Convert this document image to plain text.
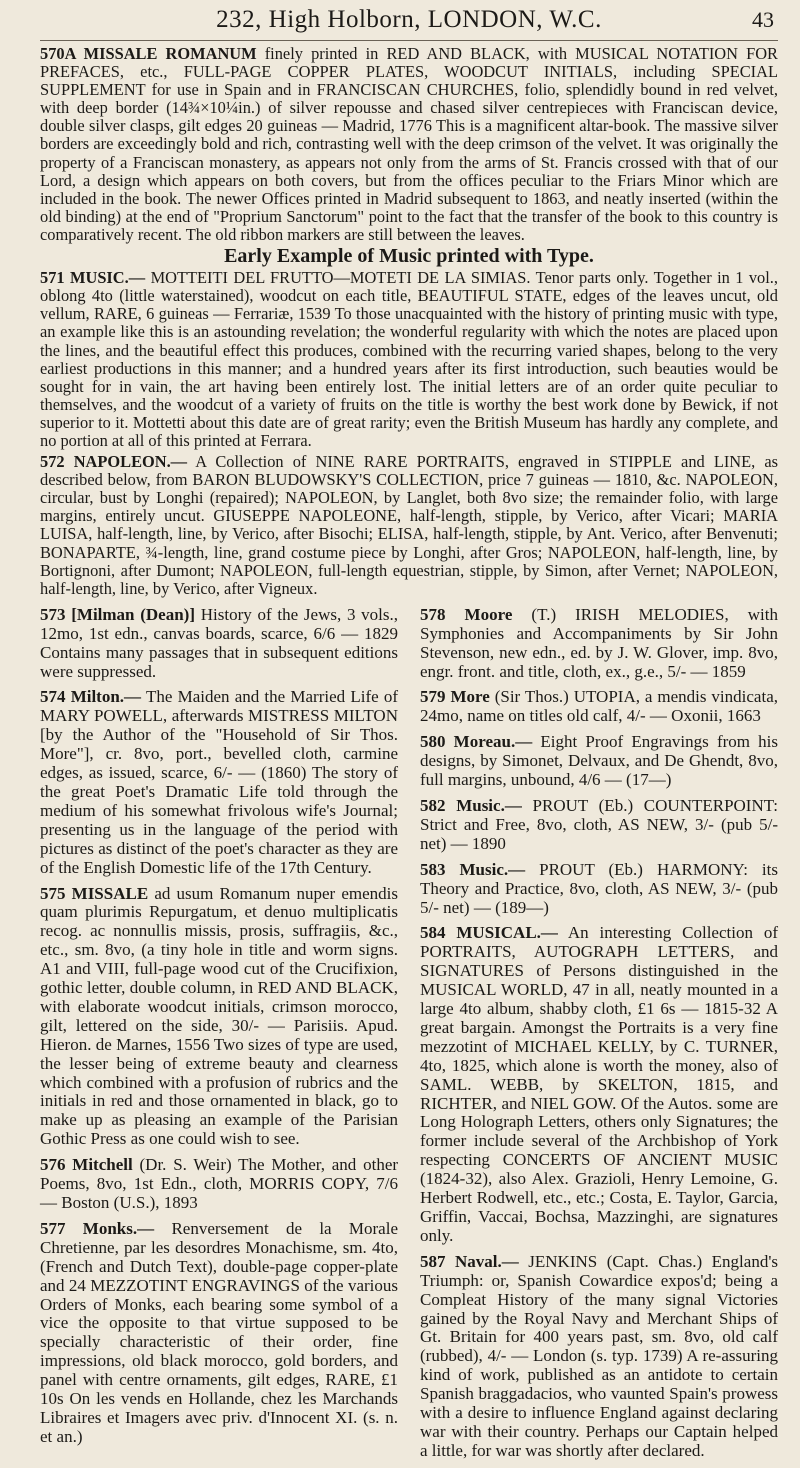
232, High Holborn, LONDON, W.C.	43

570A MISSALE ROMANUM finely printed in RED AND BLACK, with MUSICAL NOTATION FOR PREFACES, etc., FULL-PAGE COPPER PLATES, WOODCUT INITIALS, including SPECIAL SUPPLEMENT for use in Spain and in FRANCISCAN CHURCHES, folio, splendidly bound in red velvet, with deep border (14¾×10¼in.) of silver repousse and chased silver centrepieces with Franciscan device, double silver clasps, gilt edges 20 guineas — Madrid, 1776 This is a magnificent altar-book. The massive silver borders are exceedingly bold and rich, contrasting well with the deep crimson of the velvet. It was originally the property of a Franciscan monastery, as appears not only from the arms of St. Francis crossed with that of our Lord, a design which appears on both covers, but from the offices peculiar to the Friars Minor which are included in the book. The newer Offices printed in Madrid subsequent to 1863, and neatly inserted (within the old binding) at the end of "Proprium Sanctorum" point to the fact that the transfer of the book to this country is comparatively recent. The old ribbon markers are still between the leaves.

Early Example of Music printed with Type.

571 MUSIC.— MOTTEITI DEL FRUTTO—MOTETI DE LA SIMIAS. Tenor parts only. Together in 1 vol., oblong 4to (little waterstained), woodcut on each title, BEAUTIFUL STATE, edges of the leaves uncut, old vellum, RARE, 6 guineas — Ferrariæ, 1539 To those unacquainted with the history of printing music with type, an example like this is an astounding revelation; the wonderful regularity with which the notes are placed upon the lines, and the beautiful effect this produces, combined with the recurring varied shapes, belong to the very earliest productions in this manner; and a hundred years after its first introduction, such beauties would be sought for in vain, the art having been entirely lost. The initial letters are of an order quite peculiar to themselves, and the woodcut of a variety of fruits on the title is worthy the best work done by Bewick, if not superior to it. Mottetti about this date are of great rarity; even the British Museum has hardly any complete, and no portion at all of this printed at Ferrara.

572 NAPOLEON.— A Collection of NINE RARE PORTRAITS, engraved in STIPPLE and LINE, as described below, from BARON BLUDOWSKY'S COLLECTION, price 7 guineas — 1810, &c. NAPOLEON, circular, bust by Longhi (repaired); NAPOLEON, by Langlet, both 8vo size; the remainder folio, with large margins, entirely uncut. GIUSEPPE NAPOLEONE, half-length, stipple, by Verico, after Vicari; MARIA LUISA, half-length, line, by Verico, after Bisochi; ELISA, half-length, stipple, by Ant. Verico, after Benvenuti; BONAPARTE, ¾-length, line, grand costume piece by Longhi, after Gros; NAPOLEON, half-length, line, by Bortignoni, after Dumont; NAPOLEON, full-length equestrian, stipple, by Simon, after Vernet; NAPOLEON, half-length, line, by Verico, after Vigneux.

573 [Milman (Dean)] History of the Jews, 3 vols., 12mo, 1st edn., canvas boards, scarce, 6/6 — 1829 Contains many passages that in subsequent editions were suppressed.

574 Milton.— The Maiden and the Married Life of MARY POWELL, afterwards MISTRESS MILTON [by the Author of the "Household of Sir Thos. More"], cr. 8vo, port., bevelled cloth, carmine edges, as issued, scarce, 6/- — (1860) The story of the great Poet's Dramatic Life told through the medium of his somewhat frivolous wife's Journal; presenting us in the language of the period with pictures as distinct of the poet's character as they are of the English Domestic life of the 17th Century.

575 MISSALE ad usum Romanum nuper emendis quam plurimis Repurgatum, et denuo multiplicatis recog. ac nonnullis missis, prosis, suffragiis, &c., etc., sm. 8vo, (a tiny hole in title and worm signs. A1 and VIII, full-page wood cut of the Crucifixion, gothic letter, double column, in RED AND BLACK, with elaborate woodcut initials, crimson morocco, gilt, lettered on the side, 30/- — Parisiis. Apud. Hieron. de Marnes, 1556 Two sizes of type are used, the lesser being of extreme beauty and clearness which combined with a profusion of rubrics and the initials in red and those ornamented in black, go to make up as pleasing an example of the Parisian Gothic Press as one could wish to see.

576 Mitchell (Dr. S. Weir) The Mother, and other Poems, 8vo, 1st Edn., cloth, MORRIS COPY, 7/6 — Boston (U.S.), 1893

577 Monks.— Renversement de la Morale Chretienne, par les desordres Monachisme, sm. 4to, (French and Dutch Text), double-page copper-plate and 24 MEZZOTINT ENGRAVINGS of the various Orders of Monks, each bearing some symbol of a vice the opposite to that virtue supposed to be specially characteristic of their order, fine impressions, old black morocco, gold borders, and panel with centre ornaments, gilt edges, RARE, £1 10s On les vends en Hollande, chez les Marchands Libraires et Imagers avec priv. d'Innocent XI. (s. n. et an.)

578 Moore (T.) IRISH MELODIES, with Symphonies and Accompaniments by Sir John Stevenson, new edn., ed. by J. W. Glover, imp. 8vo, engr. front. and title, cloth, ex., g.e., 5/- — 1859

579 More (Sir Thos.) UTOPIA, a mendis vindicata, 24mo, name on titles old calf, 4/- — Oxonii, 1663

580 Moreau.— Eight Proof Engravings from his designs, by Simonet, Delvaux, and De Ghendt, 8vo, full margins, unbound, 4/6 — (17—)

582 Music.— PROUT (Eb.) COUNTERPOINT: Strict and Free, 8vo, cloth, AS NEW, 3/- (pub 5/- net) — 1890

583 Music.— PROUT (Eb.) HARMONY: its Theory and Practice, 8vo, cloth, AS NEW, 3/- (pub 5/- net) — (189—)

584 MUSICAL.— An interesting Collection of PORTRAITS, AUTOGRAPH LETTERS, and SIGNATURES of Persons distinguished in the MUSICAL WORLD, 47 in all, neatly mounted in a large 4to album, shabby cloth, £1 6s — 1815-32 A great bargain. Amongst the Portraits is a very fine mezzotint of MICHAEL KELLY, by C. TURNER, 4to, 1825, which alone is worth the money, also of SAML. WEBB, by SKELTON, 1815, and RICHTER, and NIEL GOW. Of the Autos. some are Long Holograph Letters, others only Signatures; the former include several of the Archbishop of York respecting CONCERTS OF ANCIENT MUSIC (1824-32), also Alex. Grazioli, Henry Lemoine, G. Herbert Rodwell, etc., etc.; Costa, E. Taylor, Garcia, Griffin, Vaccai, Bochsa, Mazzinghi, are signatures only.

587 Naval.— JENKINS (Capt. Chas.) England's Triumph: or, Spanish Cowardice expos'd; being a Compleat History of the many signal Victories gained by the Royal Navy and Merchant Ships of Gt. Britain for 400 years past, sm. 8vo, old calf (rubbed), 4/- — London (s. typ. 1739) A re-assuring kind of work, published as an antidote to certain Spanish braggadacios, who vaunted Spain's prowess with a desire to influence England against declaring war with their country. Perhaps our Captain helped a little, for war was shortly after declared.
